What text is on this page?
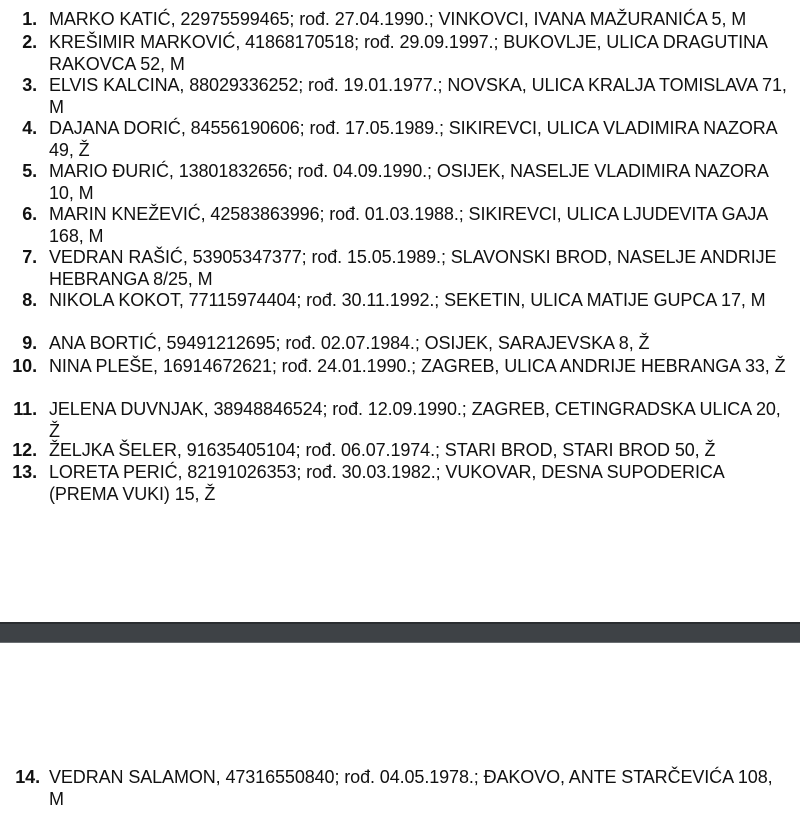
1. MARKO KATIĆ, 22975599465; rođ. 27.04.1990.; VINKOVCI, IVANA MAŽURANIĆA 5, M
2. KREŠIMIR MARKOVIĆ, 41868170518; rođ. 29.09.1997.; BUKOVLJE, ULICA DRAGUTINA RAKOVCA 52, M
3. ELVIS KALCINA, 88029336252; rođ. 19.01.1977.; NOVSKA, ULICA KRALJA TOMISLAVA 71, M
4. DAJANA DORIĆ, 84556190606; rođ. 17.05.1989.; SIKIREVCI, ULICA VLADIMIRA NAZORA 49, Ž
5. MARIO ĐURIĆ, 13801832656; rođ. 04.09.1990.; OSIJEK, NASELJE VLADIMIRA NAZORA 10, M
6. MARIN KNEŽEVIĆ, 42583863996; rođ. 01.03.1988.; SIKIREVCI, ULICA LJUDEVITA GAJA 168, M
7. VEDRAN RAŠIĆ, 53905347377; rođ. 15.05.1989.; SLAVONSKI BROD, NASELJE ANDRIJE HEBRANGA 8/25, M
8. NIKOLA KOKOT, 77115974404; rođ. 30.11.1992.; SEKETIN, ULICA MATIJE GUPCA 17, M
9. ANA BORTIĆ, 59491212695; rođ. 02.07.1984.; OSIJEK, SARAJEVSKA 8, Ž
10. NINA PLEŠE, 16914672621; rođ. 24.01.1990.; ZAGREB, ULICA ANDRIJE HEBRANGA 33, Ž
11. JELENA DUVNJAK, 38948846524; rođ. 12.09.1990.; ZAGREB, CETINGRADSKA ULICA 20, Ž
12. ŽELJKA ŠELER, 91635405104; rođ. 06.07.1974.; STARI BROD, STARI BROD 50, Ž
13. LORETA PERIĆ, 82191026353; rođ. 30.03.1982.; VUKOVAR, DESNA SUPODERICA (PREMA VUKI) 15, Ž
14. VEDRAN SALAMON, 47316550840; rođ. 04.05.1978.; ĐAKOVO, ANTE STARČEVIĆA 108, M
